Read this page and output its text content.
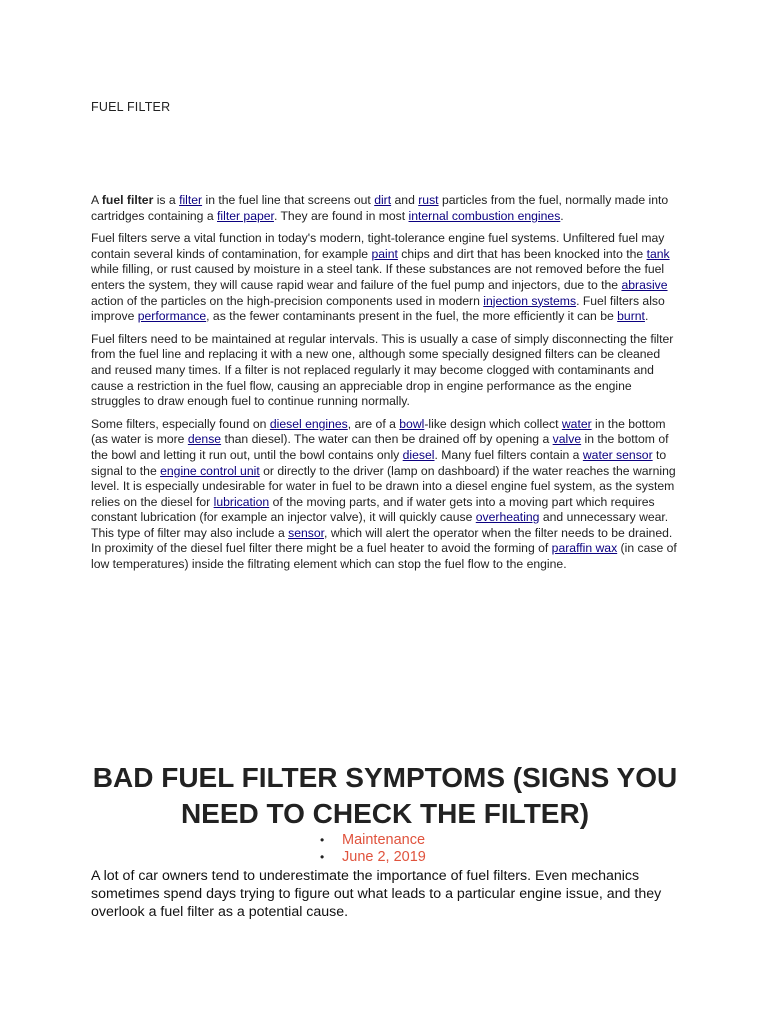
FUEL FILTER

A fuel filter is a filter in the fuel line that screens out dirt and rust particles from the fuel, normally made into cartridges containing a filter paper. They are found in most internal combustion engines.

Fuel filters serve a vital function in today's modern, tight-tolerance engine fuel systems. Unfiltered fuel may contain several kinds of contamination, for example paint chips and dirt that has been knocked into the tank while filling, or rust caused by moisture in a steel tank. If these substances are not removed before the fuel enters the system, they will cause rapid wear and failure of the fuel pump and injectors, due to the abrasive action of the particles on the high-precision components used in modern injection systems. Fuel filters also improve performance, as the fewer contaminants present in the fuel, the more efficiently it can be burnt.

Fuel filters need to be maintained at regular intervals. This is usually a case of simply disconnecting the filter from the fuel line and replacing it with a new one, although some specially designed filters can be cleaned and reused many times. If a filter is not replaced regularly it may become clogged with contaminants and cause a restriction in the fuel flow, causing an appreciable drop in engine performance as the engine struggles to draw enough fuel to continue running normally.

Some filters, especially found on diesel engines, are of a bowl-like design which collect water in the bottom (as water is more dense than diesel). The water can then be drained off by opening a valve in the bottom of the bowl and letting it run out, until the bowl contains only diesel. Many fuel filters contain a water sensor to signal to the engine control unit or directly to the driver (lamp on dashboard) if the water reaches the warning level. It is especially undesirable for water in fuel to be drawn into a diesel engine fuel system, as the system relies on the diesel for lubrication of the moving parts, and if water gets into a moving part which requires constant lubrication (for example an injector valve), it will quickly cause overheating and unnecessary wear. This type of filter may also include a sensor, which will alert the operator when the filter needs to be drained. In proximity of the diesel fuel filter there might be a fuel heater to avoid the forming of paraffin wax (in case of low temperatures) inside the filtrating element which can stop the fuel flow to the engine.

BAD FUEL FILTER SYMPTOMS (SIGNS YOU NEED TO CHECK THE FILTER)
• Maintenance
• June 2, 2019

A lot of car owners tend to underestimate the importance of fuel filters. Even mechanics sometimes spend days trying to figure out what leads to a particular engine issue, and they overlook a fuel filter as a potential cause.
